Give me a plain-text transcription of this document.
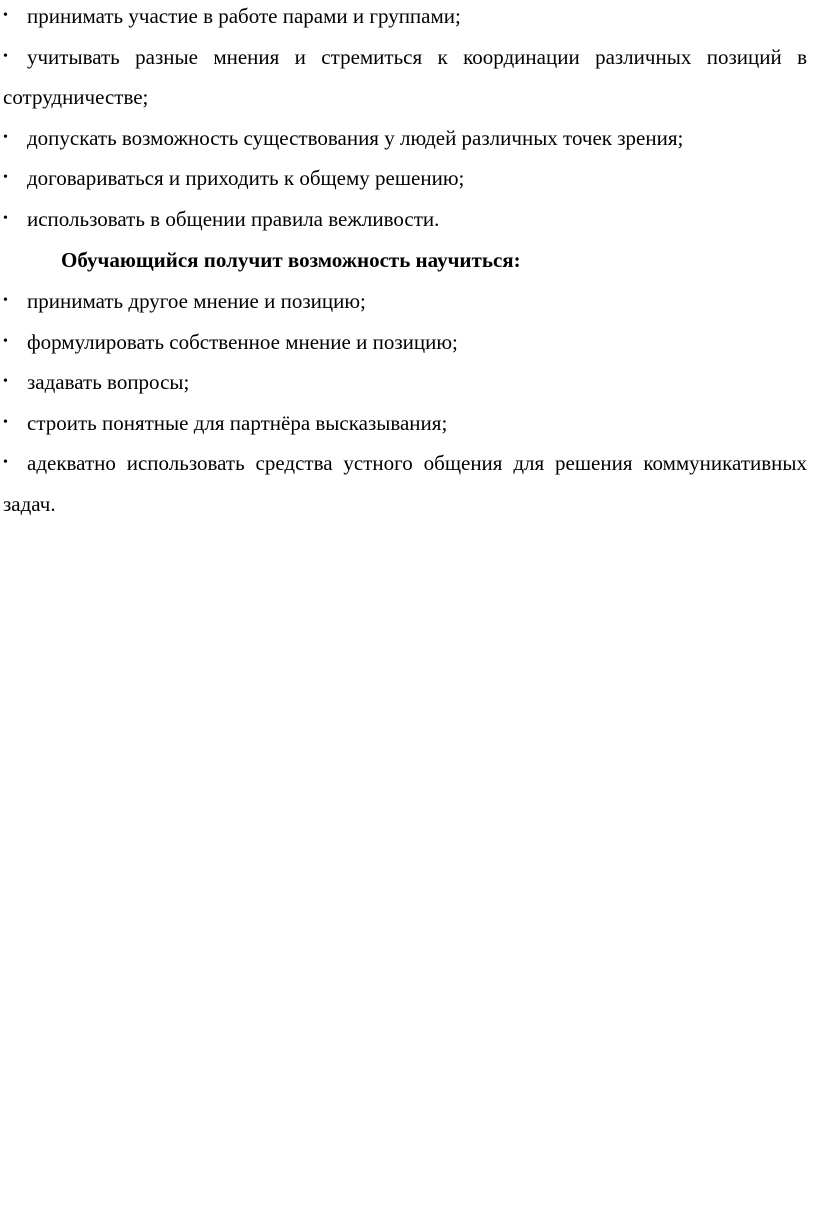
• принимать участие в работе парами и группами;
• учитывать разные мнения и стремиться к координации различных позиций в сотрудничестве;
• допускать возможность существования у людей различных точек зрения;
• договариваться и приходить к общему решению;
• использовать в общении правила вежливости.
Обучающийся получит возможность научиться:
• принимать другое мнение и позицию;
• формулировать собственное мнение и позицию;
• задавать вопросы;
• строить понятные для партнёра высказывания;
• адекватно использовать средства устного общения для решения коммуникативных задач.
